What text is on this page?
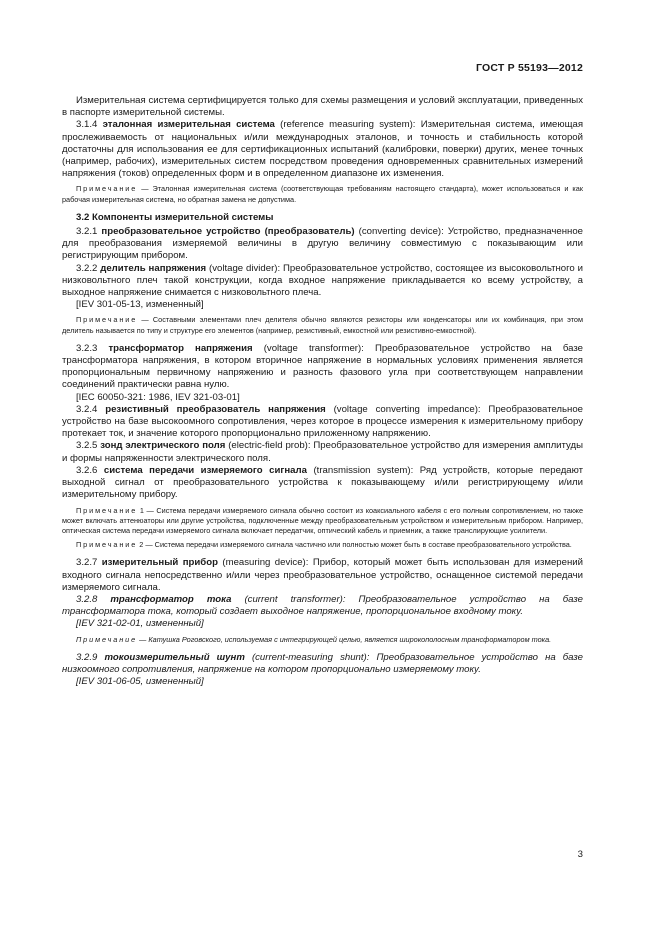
ГОСТ Р 55193—2012

Измерительная система сертифицируется только для схемы размещения и условий эксплуатации, приведенных в паспорте измерительной системы.

3.1.4 эталонная измерительная система (reference measuring system): Измерительная система, имеющая прослеживаемость от национальных и/или международных эталонов, и точность и стабильность которой достаточны для использования ее для сертификационных испытаний (калибровки, поверки) других, менее точных (например, рабочих), измерительных систем посредством проведения одновременных сравнительных измерений напряжения (токов) определенных форм и в определенном диапазоне их изменения.

Примечание — Эталонная измерительная система (соответствующая требованиям настоящего стандарта), может использоваться и как рабочая измерительная система, но обратная замена не допустима.

3.2 Компоненты измерительной системы

3.2.1 преобразовательное устройство (преобразователь) (converting device): Устройство, предназначенное для преобразования измеряемой величины в другую величину совместимую с показывающим или регистрирующим прибором.

3.2.2 делитель напряжения (voltage divider): Преобразовательное устройство, состоящее из высоковольтного и низковольтного плеч такой конструкции, когда входное напряжение прикладывается ко всему устройству, а выходное напряжение снимается с низковольтного плеча.

[IEV 301-05-13, измененный]

Примечание — Составными элементами плеч делителя обычно являются резисторы или конденсаторы или их комбинация, при этом делитель называется по типу и структуре его элементов (например, резистивный, емкостной или резистивно-емкостной).

3.2.3 трансформатор напряжения (voltage transformer): Преобразовательное устройство на базе трансформатора напряжения, в котором вторичное напряжение в нормальных условиях применения является пропорциональным первичному напряжению и разность фазового угла при соответствующем направлении соединений практически равна нулю.

[IEC 60050-321: 1986, IEV 321-03-01]

3.2.4 резистивный преобразователь напряжения (voltage converting impedance): Преобразовательное устройство на базе высокоомного сопротивления, через которое в процессе измерения к измерительному прибору протекает ток, и значение которого пропорционально приложенному напряжению.

3.2.5 зонд электрического поля (electric-field prob): Преобразовательное устройство для измерения амплитуды и формы напряженности электрического поля.

3.2.6 система передачи измеряемого сигнала (transmission system): Ряд устройств, которые передают выходной сигнал от преобразовательного устройства к показывающему и/или регистрирующему и/или измерительному прибору.

Примечание 1 — Система передачи измеряемого сигнала обычно состоит из коаксиального кабеля с его полным сопротивлением, но также может включать аттенюаторы или другие устройства, подключенные между преобразовательным устройством и измерительным прибором. Например, оптическая система передачи измеряемого сигнала включает передатчик, оптический кабель и приемник, а также транслирующие усилители.

Примечание 2 — Система передачи измеряемого сигнала частично или полностью может быть в составе преобразовательного устройства.

3.2.7 измерительный прибор (measuring device): Прибор, который может быть использован для измерений входного сигнала непосредственно и/или через преобразовательное устройство, оснащенное системой передачи измеряемого сигнала.

3.2.8 трансформатор тока (current transformer): Преобразовательное устройство на базе трансформатора тока, который создает выходное напряжение, пропорциональное входному току.

[IEV 321-02-01, измененный]

Примечание — Катушка Роговского, используемая с интегрирующей целью, является широкополосным трансформатором тока.

3.2.9 токоизмерительный шунт (current-measuring shunt): Преобразовательное устройство на базе низкоомного сопротивления, напряжение на котором пропорционально измеряемому току.

[IEV 301-06-05, измененный]

3
